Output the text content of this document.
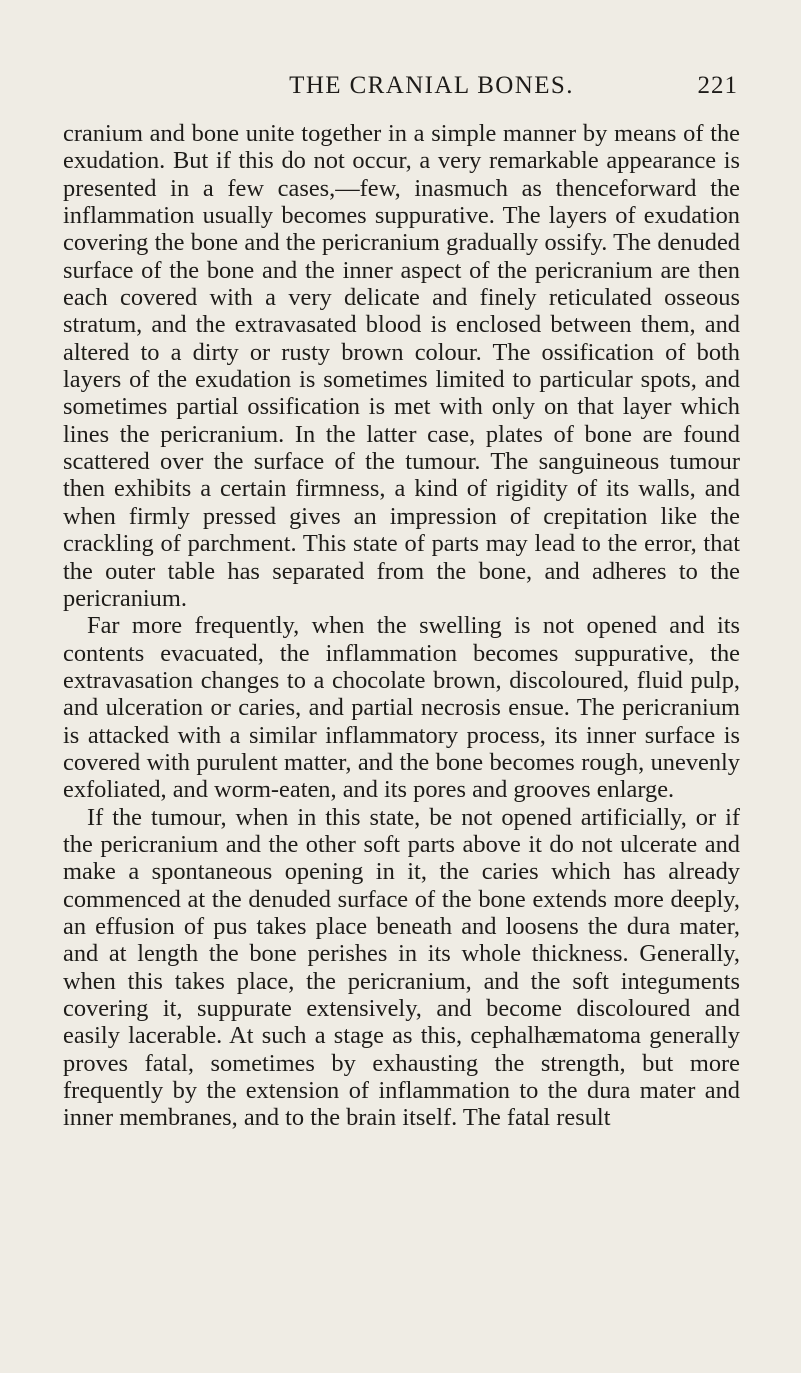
THE CRANIAL BONES.	221

cranium and bone unite together in a simple manner by means of the exudation. But if this do not occur, a very remarkable appearance is presented in a few cases,—few, inasmuch as thenceforward the inflammation usually becomes suppurative. The layers of exudation covering the bone and the pericranium gradually ossify. The denuded surface of the bone and the inner aspect of the pericranium are then each covered with a very delicate and finely reticulated osseous stratum, and the extravasated blood is enclosed between them, and altered to a dirty or rusty brown colour. The ossification of both layers of the exudation is sometimes limited to particular spots, and sometimes partial ossification is met with only on that layer which lines the pericranium. In the latter case, plates of bone are found scattered over the surface of the tumour. The sanguineous tumour then exhibits a certain firmness, a kind of rigidity of its walls, and when firmly pressed gives an impression of crepitation like the crackling of parchment. This state of parts may lead to the error, that the outer table has separated from the bone, and adheres to the pericranium.

Far more frequently, when the swelling is not opened and its contents evacuated, the inflammation becomes suppurative, the extravasation changes to a chocolate brown, discoloured, fluid pulp, and ulceration or caries, and partial necrosis ensue. The pericranium is attacked with a similar inflammatory process, its inner surface is covered with purulent matter, and the bone becomes rough, unevenly exfoliated, and worm-eaten, and its pores and grooves enlarge.

If the tumour, when in this state, be not opened artificially, or if the pericranium and the other soft parts above it do not ulcerate and make a spontaneous opening in it, the caries which has already commenced at the denuded surface of the bone extends more deeply, an effusion of pus takes place beneath and loosens the dura mater, and at length the bone perishes in its whole thickness. Generally, when this takes place, the pericranium, and the soft integuments covering it, suppurate extensively, and become discoloured and easily lacerable. At such a stage as this, cephalhæmatoma generally proves fatal, sometimes by exhausting the strength, but more frequently by the extension of inflammation to the dura mater and inner membranes, and to the brain itself. The fatal result
